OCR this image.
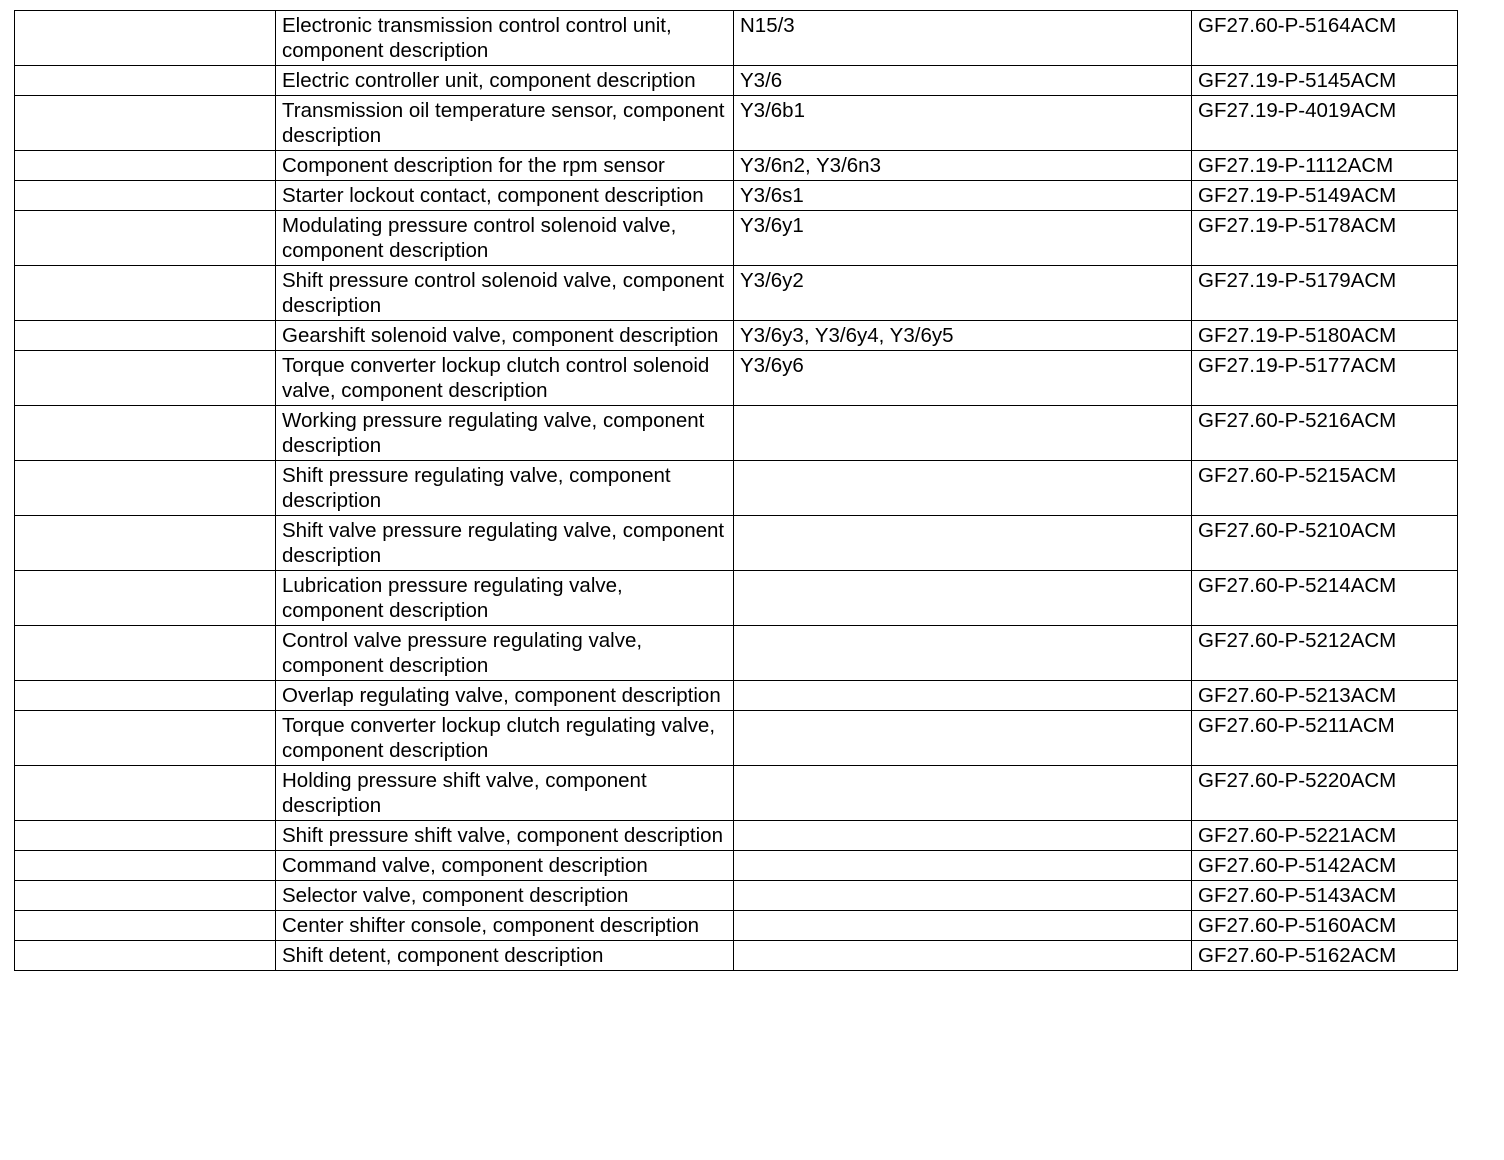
	Electronic transmission control control unit, component description	N15/3	GF27.60-P-5164ACM
	Electric controller unit, component description	Y3/6	GF27.19-P-5145ACM
	Transmission oil temperature sensor, component description	Y3/6b1	GF27.19-P-4019ACM
	Component description for the rpm sensor	Y3/6n2, Y3/6n3	GF27.19-P-1112ACM
	Starter lockout contact, component description	Y3/6s1	GF27.19-P-5149ACM
	Modulating pressure control solenoid valve, component description	Y3/6y1	GF27.19-P-5178ACM
	Shift pressure control solenoid valve, component description	Y3/6y2	GF27.19-P-5179ACM
	Gearshift solenoid valve, component description	Y3/6y3, Y3/6y4, Y3/6y5	GF27.19-P-5180ACM
	Torque converter lockup clutch control solenoid valve, component description	Y3/6y6	GF27.19-P-5177ACM
	Working pressure regulating valve, component description		GF27.60-P-5216ACM
	Shift pressure regulating valve, component description		GF27.60-P-5215ACM
	Shift valve pressure regulating valve, component description		GF27.60-P-5210ACM
	Lubrication pressure regulating valve, component description		GF27.60-P-5214ACM
	Control valve pressure regulating valve, component description		GF27.60-P-5212ACM
	Overlap regulating valve, component description		GF27.60-P-5213ACM
	Torque converter lockup clutch regulating valve, component description		GF27.60-P-5211ACM
	Holding pressure shift valve, component description		GF27.60-P-5220ACM
	Shift pressure shift valve, component description		GF27.60-P-5221ACM
	Command valve, component description		GF27.60-P-5142ACM
	Selector valve, component description		GF27.60-P-5143ACM
	Center shifter console, component description		GF27.60-P-5160ACM
	Shift detent, component description		GF27.60-P-5162ACM
